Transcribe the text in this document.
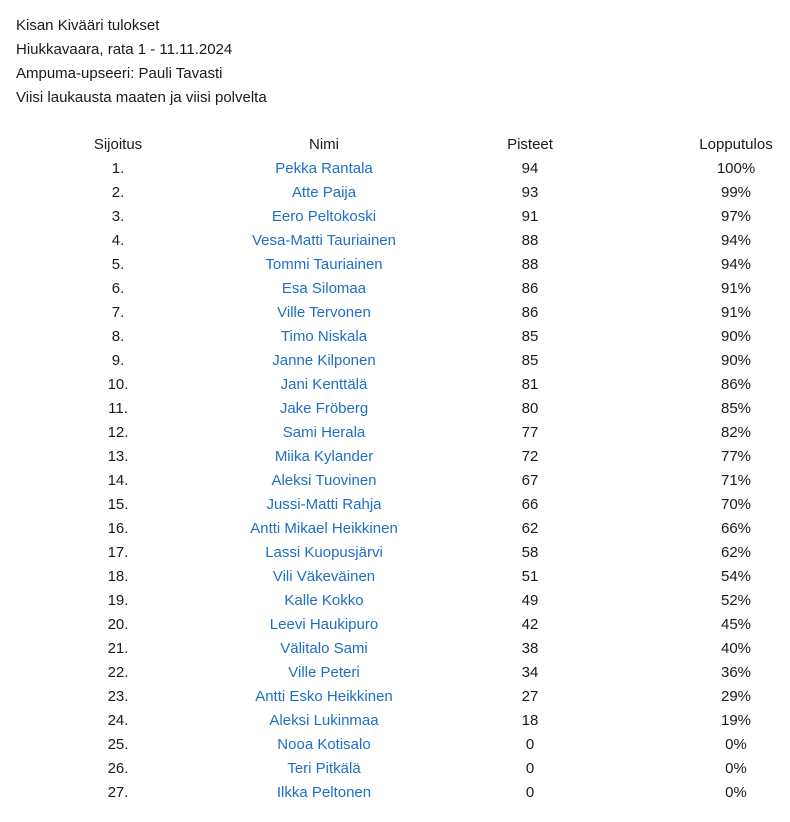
Kisan Kivääri tulokset
Hiukkavaara, rata 1 - 11.11.2024
Ampuma-upseeri: Pauli Tavasti
Viisi laukausta maaten ja viisi polvelta
Sijoitus	Nimi	Pisteet	Lopputulos
1.	Pekka Rantala	94	100%
2.	Atte Paija	93	99%
3.	Eero Peltokoski	91	97%
4.	Vesa-Matti Tauriainen	88	94%
5.	Tommi Tauriainen	88	94%
6.	Esa Silomaa	86	91%
7.	Ville Tervonen	86	91%
8.	Timo Niskala	85	90%
9.	Janne Kilponen	85	90%
10.	Jani Kenttälä	81	86%
11.	Jake Fröberg	80	85%
12.	Sami Herala	77	82%
13.	Miika Kylander	72	77%
14.	Aleksi Tuovinen	67	71%
15.	Jussi-Matti Rahja	66	70%
16.	Antti Mikael Heikkinen	62	66%
17.	Lassi Kuopusjärvi	58	62%
18.	Vili Väkeväinen	51	54%
19.	Kalle Kokko	49	52%
20.	Leevi Haukipuro	42	45%
21.	Välitalo Sami	38	40%
22.	Ville Peteri	34	36%
23.	Antti Esko Heikkinen	27	29%
24.	Aleksi Lukinmaa	18	19%
25.	Nooa Kotisalo	0	0%
26.	Teri Pitkälä	0	0%
27.	Ilkka Peltonen	0	0%
